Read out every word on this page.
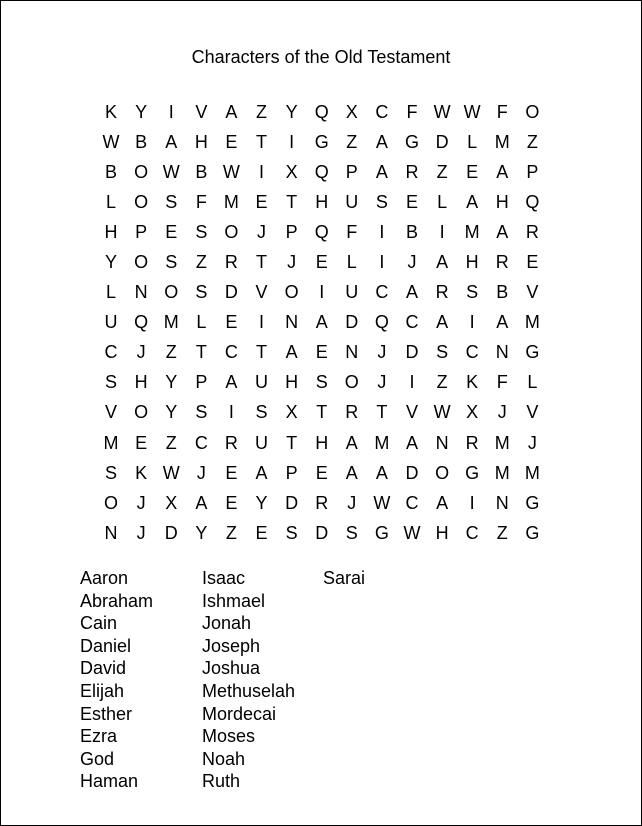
Characters of the Old Testament
K	Y	I	V	A	Z	Y Q X C	F W W F O
W B	A H E	T	I	G Z	A G D	L M Z
B O W B W	I	X Q P	A R	Z	E	A	P
L	O S	F M E	T	H U S	E	L	A H Q
H P	E	S O	J	P Q F	I	B	I	M A R
Y O S	Z	R	T	J	E	L	I	J	A H R E
L	N O S D V O	I	U C A R S	B	V
U Q M L	E	I	N A D Q C A	I	A M
C	J	Z	T	C	T	A	E N	J	D S C N G
S H Y	P	A U H S O	J	I	Z	K	F	L
V O Y	S	I	S	X	T	R	T	V W X	J	V
M E	Z	C R U	T	H A M A N R M	J
S	K W J	E	A	P	E	A	A D O G M M
O	J	X	A	E	Y D R	J W C A	I	N G
N	J	D Y	Z	E	S D S G W H C	Z G
Aaron
Abraham
Cain
Daniel
David
Elijah
Esther
Ezra
God
Haman
Isaac
Ishmael
Jonah
Joseph
Joshua
Methuselah
Mordecai
Moses
Noah
Ruth
Sarai
